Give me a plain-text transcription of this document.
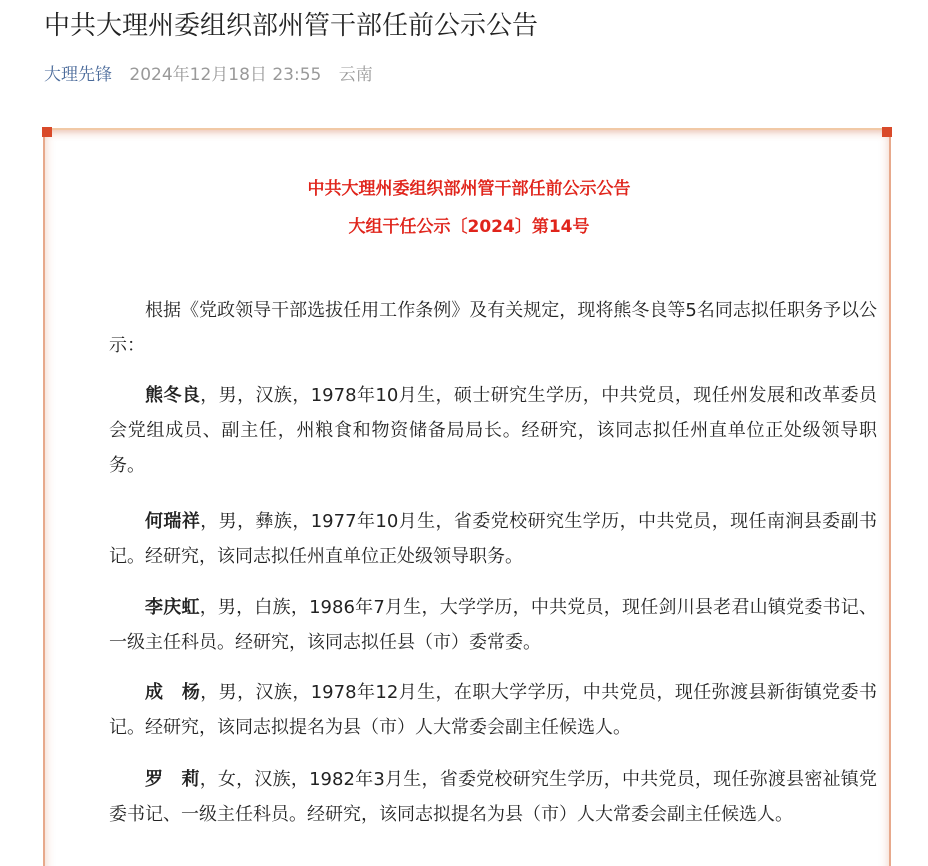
中共大理州委组织部州管干部任前公示公告
大理先锋 2024年12月18日 23:55 云南
中共大理州委组织部州管干部任前公示公告
大组干任公示〔2024〕第14号

根据《党政领导干部选拔任用工作条例》及有关规定，现将熊冬良等5名同志拟任职务予以公示：

熊冬良，男，汉族，1978年10月生，硕士研究生学历，中共党员，现任州发展和改革委员会党组成员、副主任，州粮食和物资储备局局长。经研究，该同志拟任州直单位正处级领导职务。

何瑞祥，男，彝族，1977年10月生，省委党校研究生学历，中共党员，现任南涧县委副书记。经研究，该同志拟任州直单位正处级领导职务。

李庆虹，男，白族，1986年7月生，大学学历，中共党员，现任剑川县老君山镇党委书记、一级主任科员。经研究，该同志拟任县（市）委常委。

成　杨，男，汉族，1978年12月生，在职大学学历，中共党员，现任弥渡县新街镇党委书记。经研究，该同志拟提名为县（市）人大常委会副主任候选人。

罗　莉，女，汉族，1982年3月生，省委党校研究生学历，中共党员，现任弥渡县密祉镇党委书记、一级主任科员。经研究，该同志拟提名为县（市）人大常委会副主任候选人。
